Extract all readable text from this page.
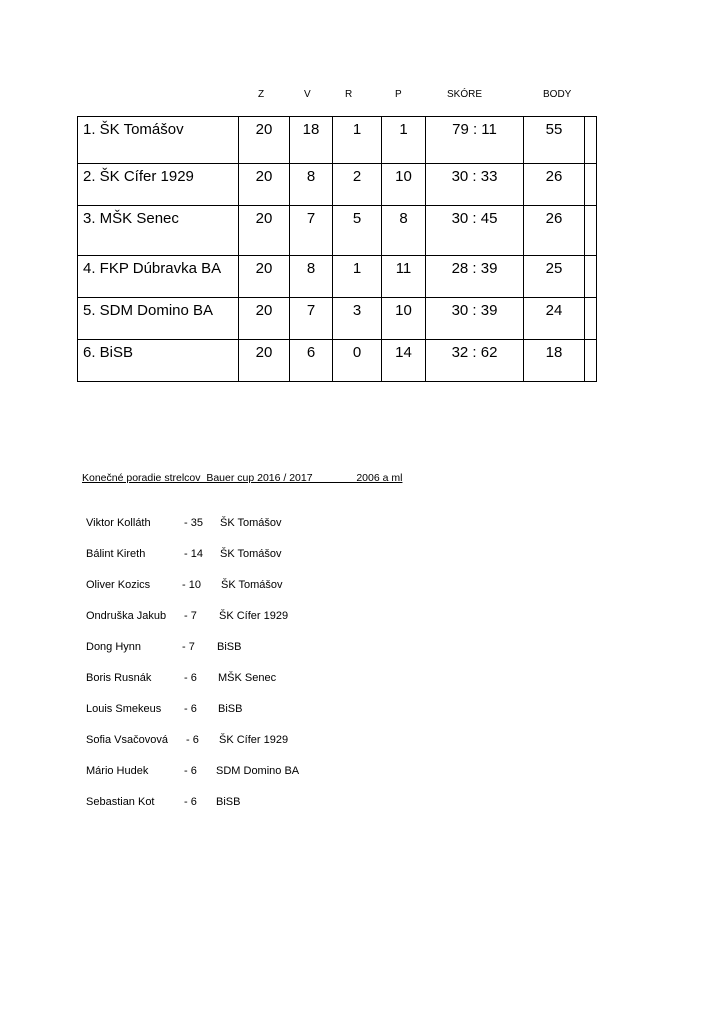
Z	V	R	P	SKÓRE	BODY
1. ŠK Tomášov	20	18	1	1	79 : 11	55	
2. ŠK Cífer 1929	20	8	2	10	30 : 33	26	
3. MŠK Senec	20	7	5	8	30 : 45	26	
4. FKP Dúbravka BA	20	8	1	11	28 : 39	25	
5. SDM Domino BA	20	7	3	10	30 : 39	24	
6. BiSB	20	6	0	14	32 : 62	18	
Konečné poradie strelcov  Bauer cup 2016 / 2017               2006 a ml
Viktor Kolláth	- 35 ŠK Tomášov
Bálint Kireth	- 14 ŠK Tomášov
Oliver Kozics	- 10 ŠK Tomášov
Ondruška Jakub - 7 ŠK Cífer 1929
Dong Hynn	- 7 BiSB
Boris Rusnák	- 6 MŠK Senec
Louis Smekeus - 6 BiSB
Sofia Vsačovová - 6 ŠK Cífer 1929
Mário Hudek	- 6 SDM Domino BA
Sebastian Kot	- 6 BiSB
